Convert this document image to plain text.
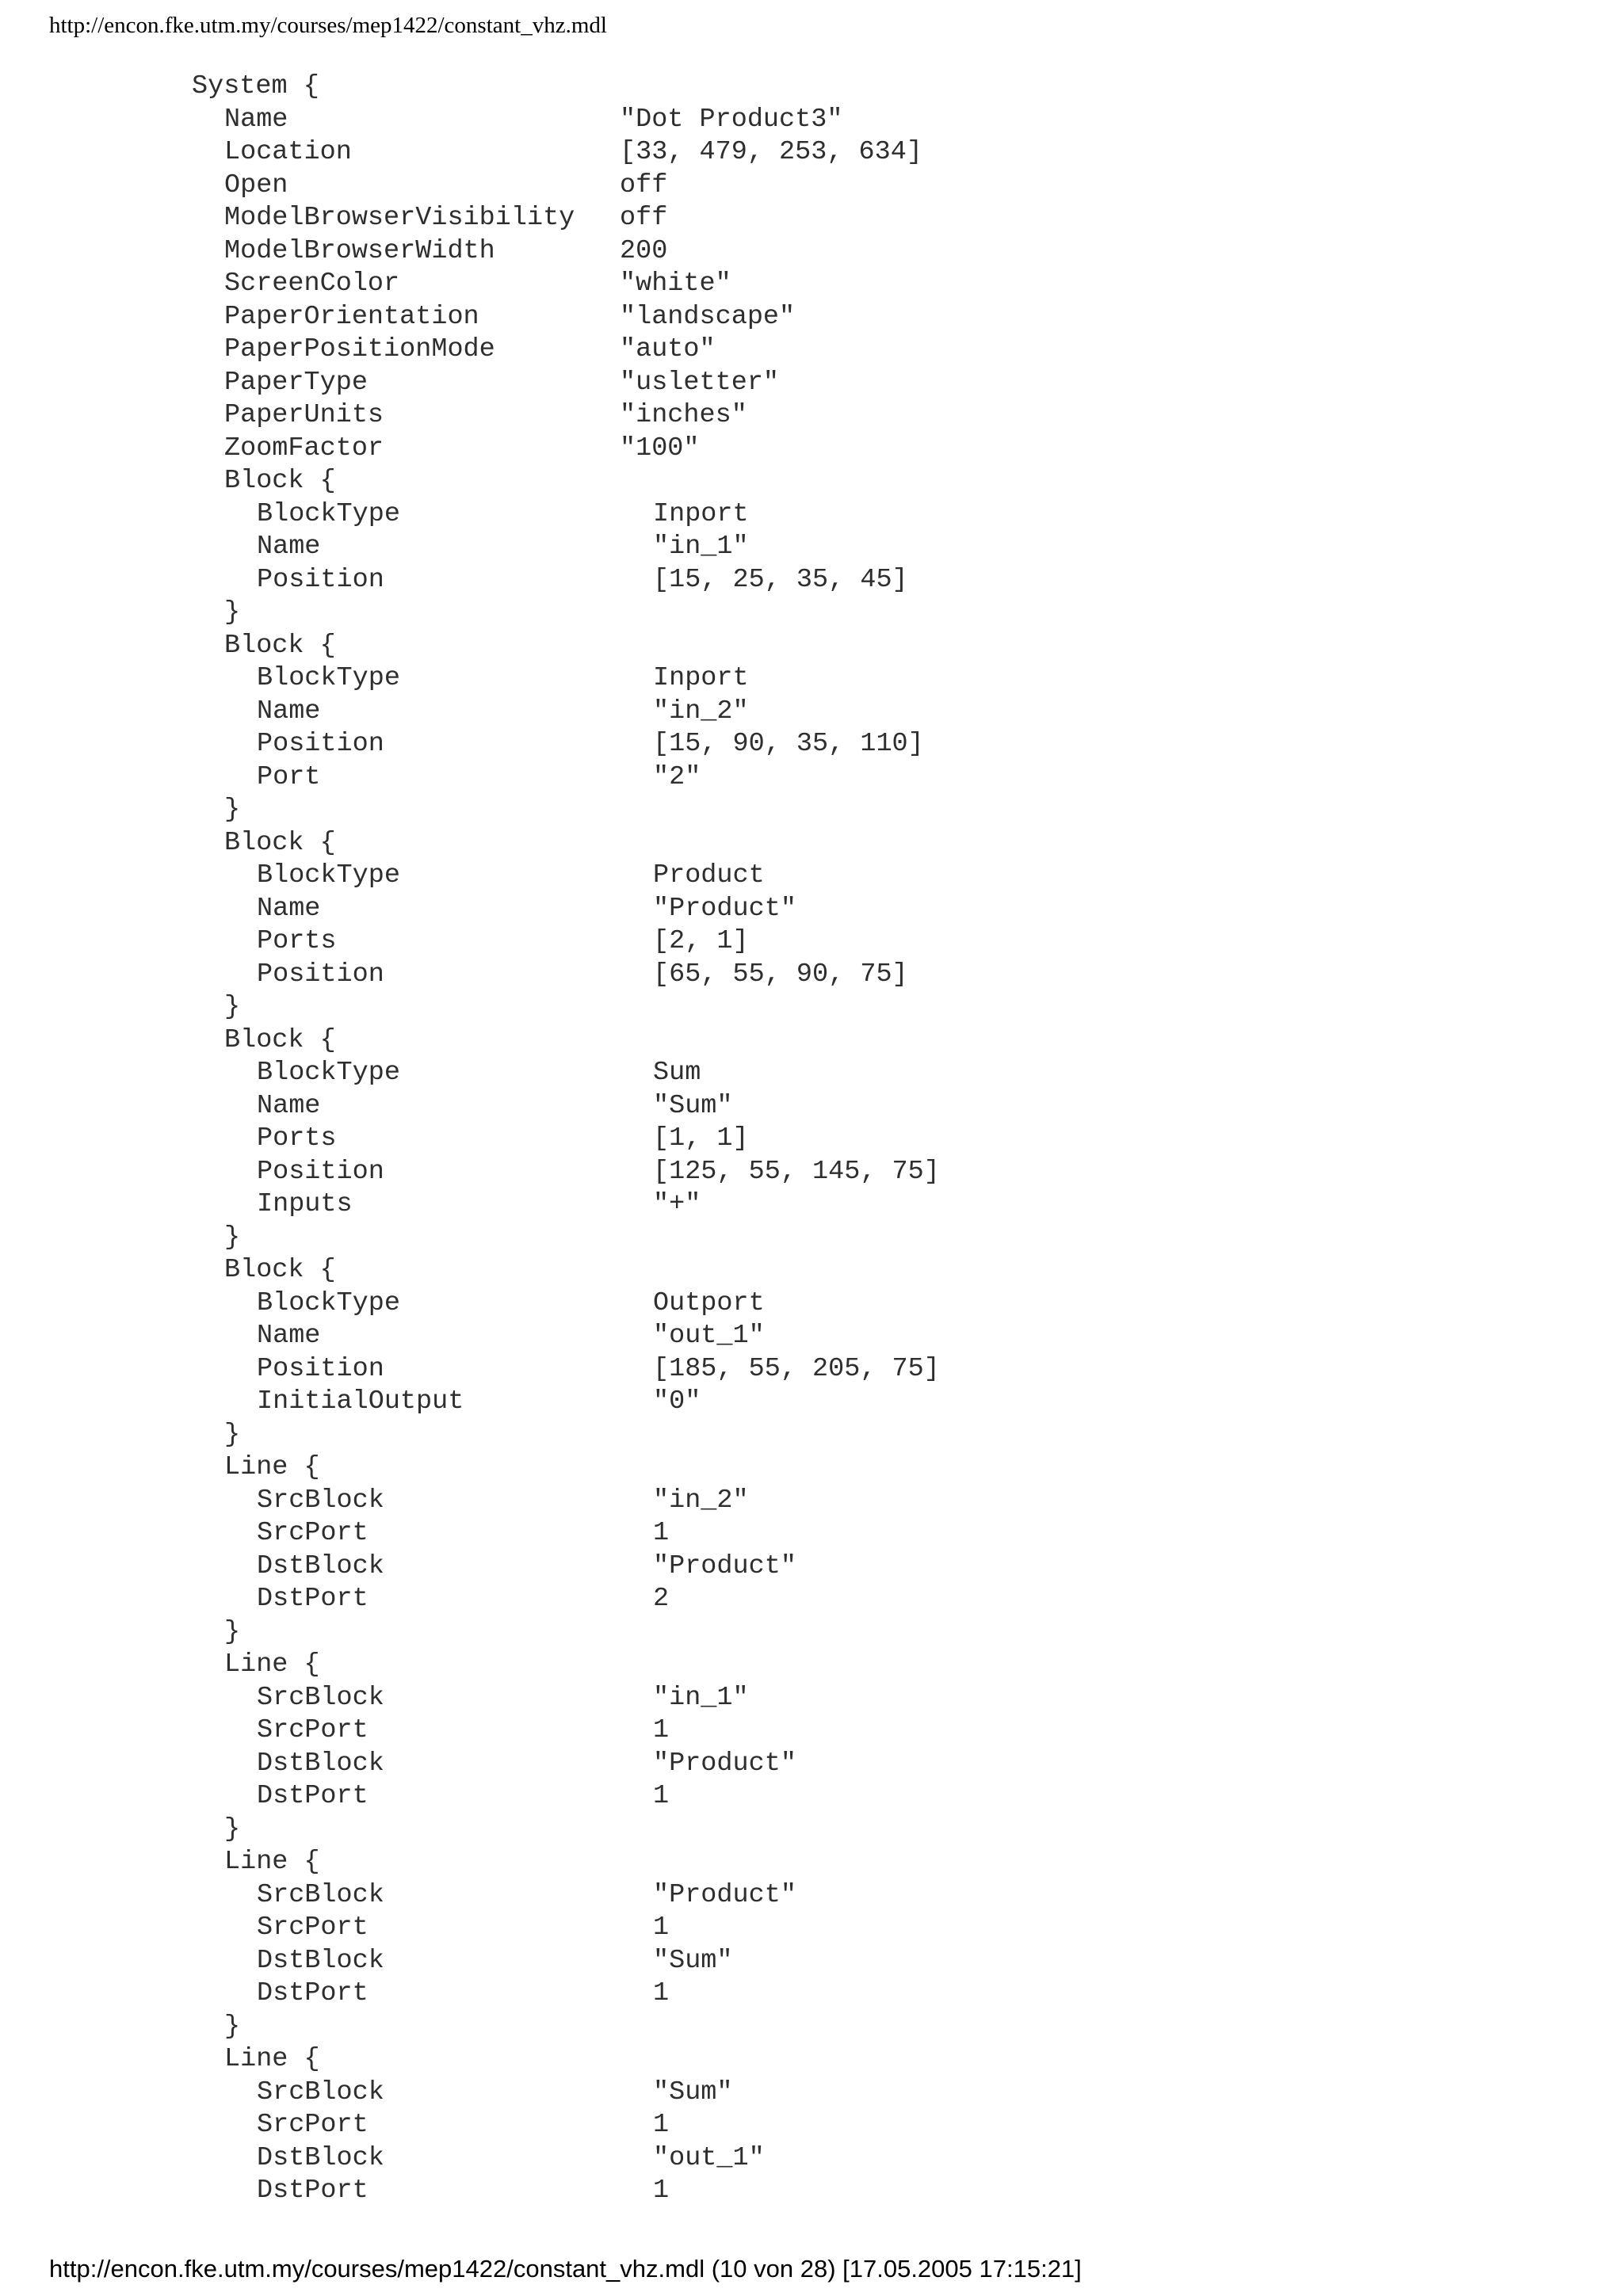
http://encon.fke.utm.my/courses/mep1422/constant_vhz.mdl
System {
Name	"Dot Product3"
Location	[33, 479, 253, 634]
Open	off
ModelBrowserVisibility off
ModelBrowserWidth	200
ScreenColor	"white"
PaperOrientation	"landscape"
PaperPositionMode	"auto"
PaperType	"usletter"
PaperUnits	"inches"
ZoomFactor	"100"
Block {
BlockType	Inport
Name	"in_1"
Position	[15, 25, 35, 45]
}
Block {
BlockType	Inport
Name	"in_2"
Position	[15, 90, 35, 110]
Port	"2"
}
Block {
BlockType	Product
Name	"Product"
Ports	[2, 1]
Position	[65, 55, 90, 75]
}
Block {
BlockType	Sum
Name	"Sum"
Ports	[1, 1]
Position	[125, 55, 145, 75]
Inputs	"+"
}
Block {
BlockType	Outport
Name	"out_1"
Position	[185, 55, 205, 75]
InitialOutput	"0"
}
Line {
SrcBlock	"in_2"
SrcPort	1
DstBlock	"Product"
DstPort	2
}
Line {
SrcBlock	"in_1"
SrcPort	1
DstBlock	"Product"
DstPort	1
}
Line {
SrcBlock	"Product"
SrcPort	1
DstBlock	"Sum"
DstPort	1
}
Line {
SrcBlock	"Sum"
SrcPort	1
DstBlock	"out_1"
DstPort	1
http://encon.fke.utm.my/courses/mep1422/constant_vhz.mdl (10 von 28) [17.05.2005 17:15:21]
